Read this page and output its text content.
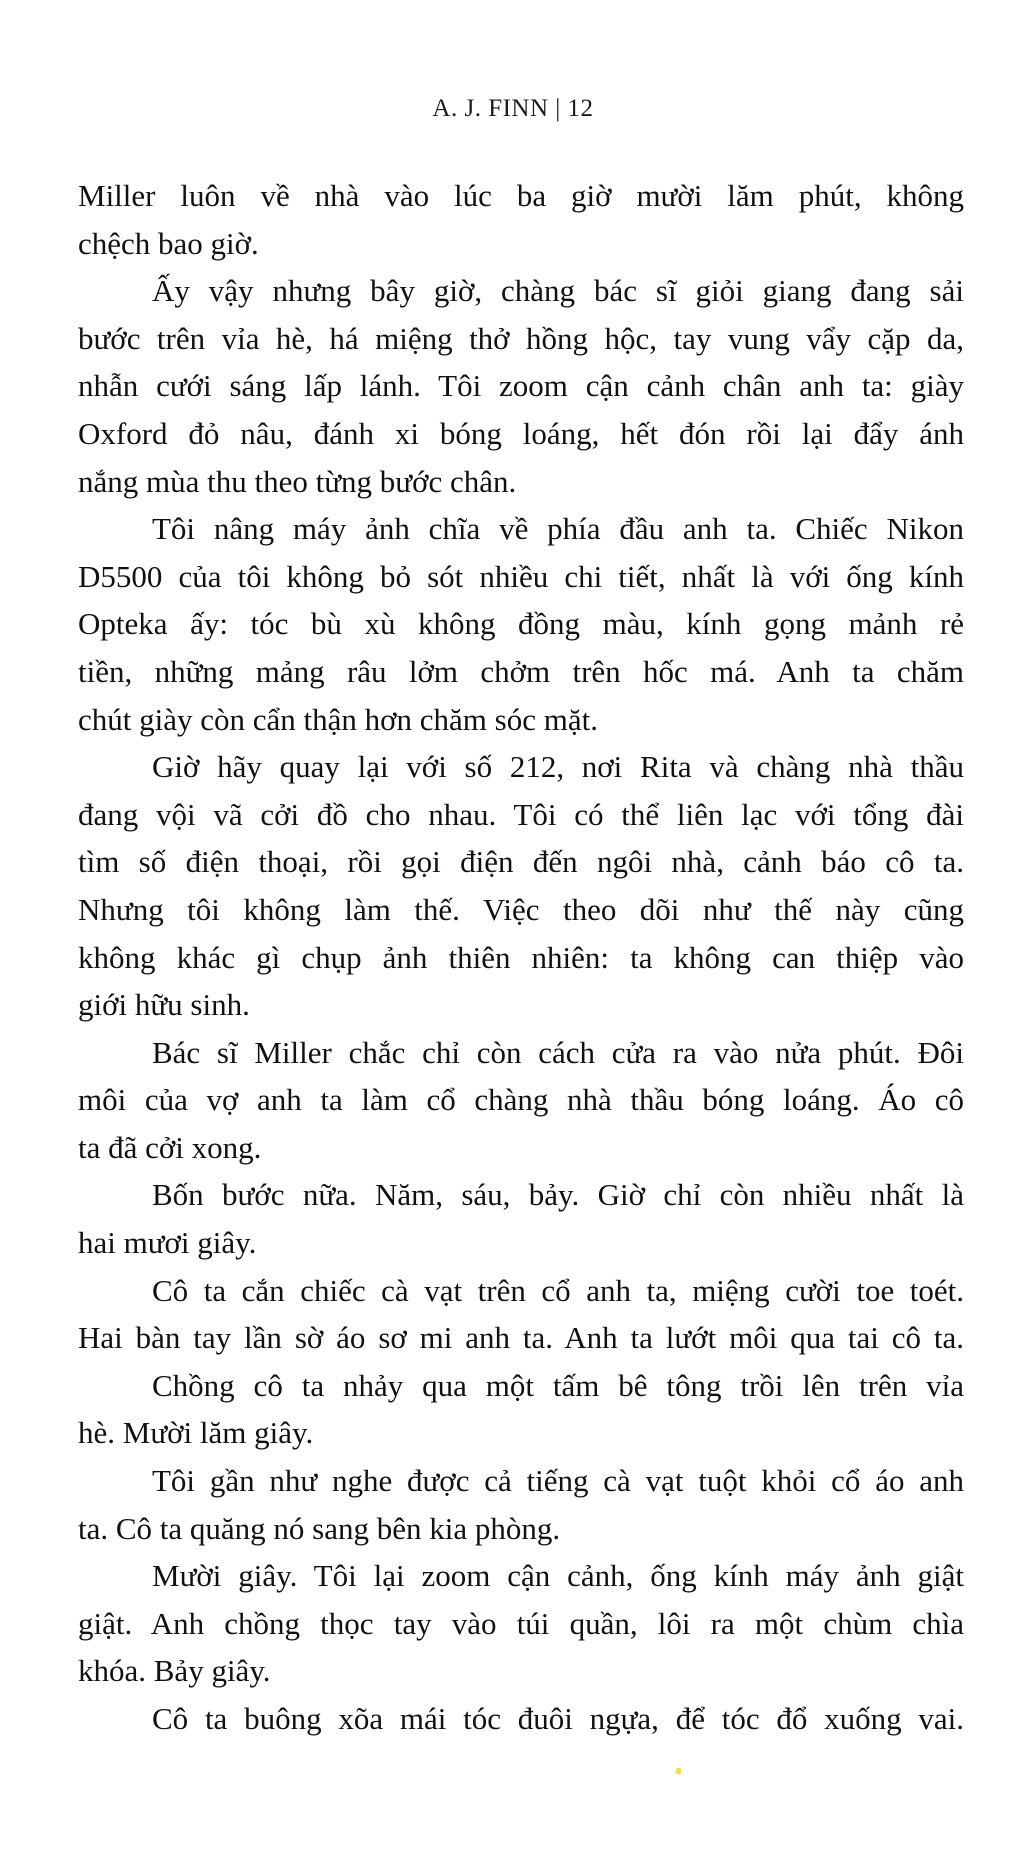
A. J. FINN | 12
Miller luôn về nhà vào lúc ba giờ mười lăm phút, không
chệch bao giờ.
Ấy vậy nhưng bây giờ, chàng bác sĩ giỏi giang đang sải
bước trên vỉa hè, há miệng thở hồng hộc, tay vung vẩy cặp da,
nhẫn cưới sáng lấp lánh. Tôi zoom cận cảnh chân anh ta: giày
Oxford đỏ nâu, đánh xi bóng loáng, hết đón rồi lại đẩy ánh
nắng mùa thu theo từng bước chân.
Tôi nâng máy ảnh chĩa về phía đầu anh ta. Chiếc Nikon
D5500 của tôi không bỏ sót nhiều chi tiết, nhất là với ống kính
Opteka ấy: tóc bù xù không đồng màu, kính gọng mảnh rẻ
tiền, những mảng râu lởm chởm trên hốc má. Anh ta chăm
chút giày còn cẩn thận hơn chăm sóc mặt.
Giờ hãy quay lại với số 212, nơi Rita và chàng nhà thầu
đang vội vã cởi đồ cho nhau. Tôi có thể liên lạc với tổng đài
tìm số điện thoại, rồi gọi điện đến ngôi nhà, cảnh báo cô ta.
Nhưng tôi không làm thế. Việc theo dõi như thế này cũng
không khác gì chụp ảnh thiên nhiên: ta không can thiệp vào
giới hữu sinh.
Bác sĩ Miller chắc chỉ còn cách cửa ra vào nửa phút. Đôi
môi của vợ anh ta làm cổ chàng nhà thầu bóng loáng. Áo cô
ta đã cởi xong.
Bốn bước nữa. Năm, sáu, bảy. Giờ chỉ còn nhiều nhất là
hai mươi giây.
Cô ta cắn chiếc cà vạt trên cổ anh ta, miệng cười toe toét.
Hai bàn tay lần sờ áo sơ mi anh ta. Anh ta lướt môi qua tai cô ta.
Chồng cô ta nhảy qua một tấm bê tông trồi lên trên vỉa
hè. Mười lăm giây.
Tôi gần như nghe được cả tiếng cà vạt tuột khỏi cổ áo anh
ta. Cô ta quăng nó sang bên kia phòng.
Mười giây. Tôi lại zoom cận cảnh, ống kính máy ảnh giật
giật. Anh chồng thọc tay vào túi quần, lôi ra một chùm chìa
khóa. Bảy giây.
Cô ta buông xõa mái tóc đuôi ngựa, để tóc đổ xuống vai.
